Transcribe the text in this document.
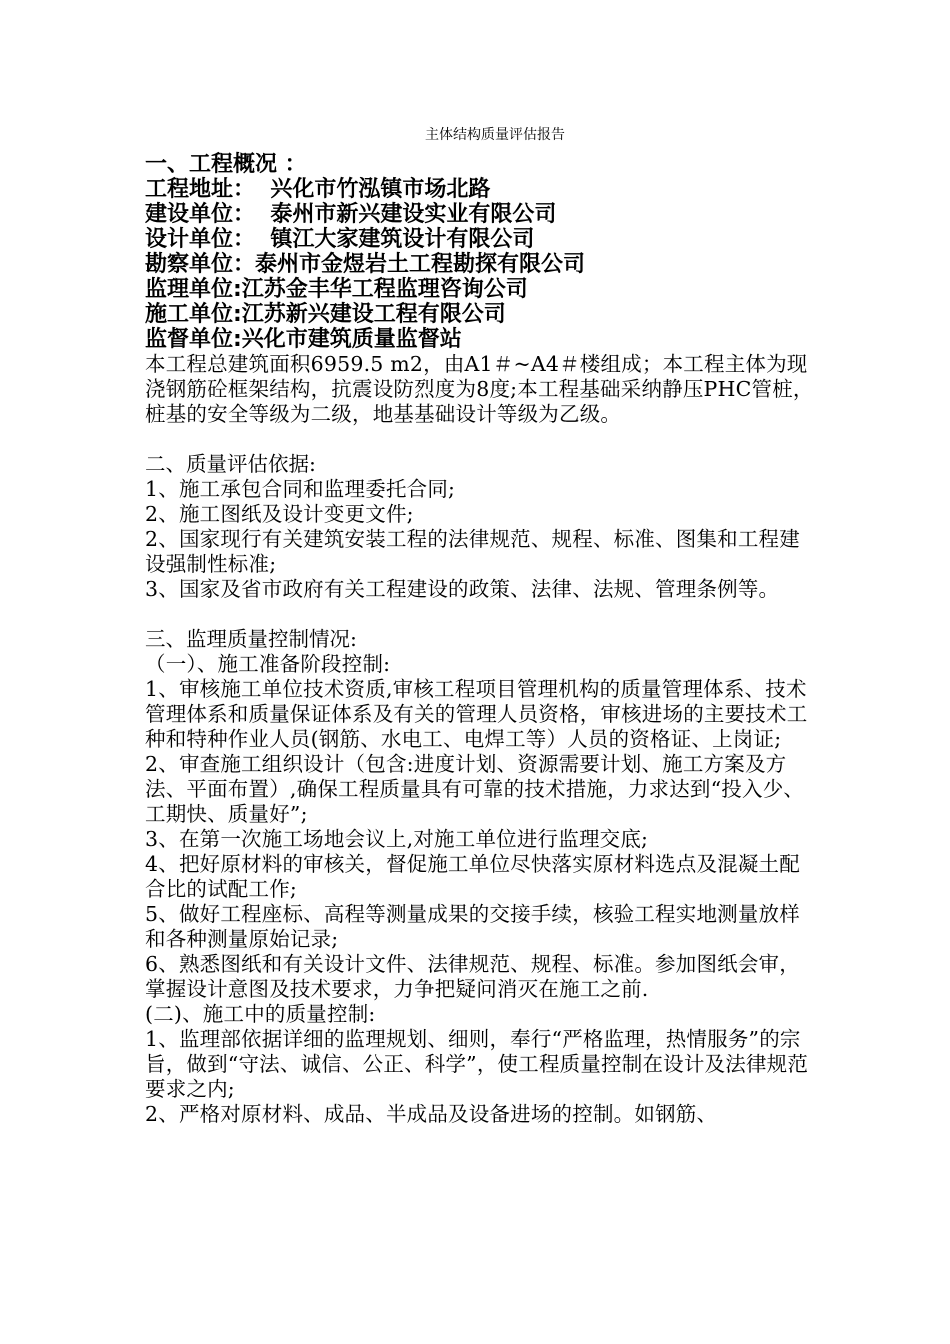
主体结构质量评估报告
一、工程概况 ：
工程地址：  兴化市竹泓镇市场北路
建设单位：  泰州市新兴建设实业有限公司
设计单位：  镇江大家建筑设计有限公司
勘察单位：泰州市金煜岩土工程勘探有限公司
监理单位:江苏金丰华工程监理咨询公司
施工单位:江苏新兴建设工程有限公司
监督单位:兴化市建筑质量监督站

本工程总建筑面积6959.5 m2，由A1＃~A4＃楼组成；本工程主体为现浇钢筋砼框架结构，抗震设防烈度为8度;本工程基础采纳静压PHC管桩，桩基的安全等级为二级，地基基础设计等级为乙级。

二、质量评估依据:

1、施工承包合同和监理委托合同;

2、施工图纸及设计变更文件;

2、国家现行有关建筑安装工程的法律规范、规程、标准、图集和工程建设强制性标准;

3、国家及省市政府有关工程建设的政策、法律、法规、管理条例等。

三、监理质量控制情况:

（一）、施工准备阶段控制:

1、审核施工单位技术资质,审核工程项目管理机构的质量管理体系、技术管理体系和质量保证体系及有关的管理人员资格，审核进场的主要技术工种和特种作业人员(钢筋、水电工、电焊工等）人员的资格证、上岗证;

2、审查施工组织设计（包含:进度计划、资源需要计划、施工方案及方法、平面布置）,确保工程质量具有可靠的技术措施，力求达到“投入少、工期快、质量好”;

3、在第一次施工场地会议上,对施工单位进行监理交底;

4、把好原材料的审核关，督促施工单位尽快落实原材料选点及混凝土配合比的试配工作;

5、做好工程座标、高程等测量成果的交接手续，核验工程实地测量放样和各种测量原始记录;

6、熟悉图纸和有关设计文件、法律规范、规程、标准。参加图纸会审，掌握设计意图及技术要求，力争把疑问消灭在施工之前.

(二)、施工中的质量控制:

1、监理部依据详细的监理规划、细则，奉行“严格监理，热情服务”的宗旨，做到“守法、诚信、公正、科学”，使工程质量控制在设计及法律规范要求之内;

2、严格对原材料、成品、半成品及设备进场的控制。如钢筋、
